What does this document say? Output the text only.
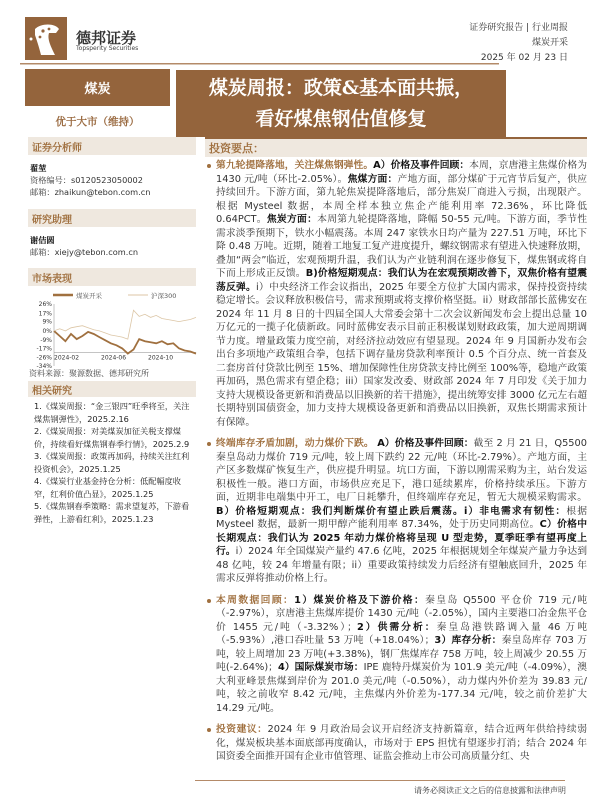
德邦证券
Topsperity Securities
证券研究报告 | 行业周报
煤炭开采
2025 年 02 月 23 日
煤炭
优于大市（维持）
煤炭周报：政策&基本面共振，
看好煤焦钢估值修复
证券分析师
翟堃
资格编号：s0120523050002
邮箱：zhaikun@tebon.com.cn
研究助理
谢佶圆
邮箱：xiejy@tebon.com.cn
市场表现
煤炭开采	沪深300
26%
17%
9%
0%
-9%
-17%
-26%
-34%
2024-02	2024-06	2024-10
资料来源：聚源数据、德邦研究所
相关研究
1.《煤炭周报：“金三银四”旺季将至，关注煤焦钢弹性》，2025.2.16
2.《煤炭周报：对美煤炭加征关税支撑煤价，持续看好煤焦钢春季行情》，2025.2.9
3.《煤炭周报：政策再加码，持续关注红利投资机会》，2025.1.25
4.《煤炭行业基金持仓分析：低配幅度收窄，红利价值凸显》，2025.1.25
5.《煤焦钢春季策略：需求望复苏，下游看弹性，上游看红利》，2025.1.23
投资要点：
第九轮提降落地，关注煤焦钢弹性。A）价格及事件回顾：本周，京唐港主焦煤价格为 1430 元/吨（环比-2.05%）。焦煤方面：产地方面，部分煤矿于元宵节后复产，供应持续回升。下游方面，第九轮焦炭提降落地后，部分焦炭厂商进入亏损，出现限产。根据 Mysteel 数据，本周全样本独立焦企产能利用率 72.36%，环比降低 0.64PCT。焦炭方面：本周第九轮提降落地，降幅 50-55 元/吨。下游方面，季节性需求淡季预期下，铁水小幅震荡。本周 247 家铁水日均产量为 227.51 万吨，环比下降 0.48 万吨。近期，随着工地复工复产进度提升，螺纹钢需求有望进入快速释放期，叠加“两会”临近，宏观预期升温，我们认为产业链利润在逐步修复下，煤焦钢或将自下而上形成正反馈。B)价格短期观点：我们认为在宏观预期改善下，双焦价格有望震荡反弹。i）中央经济工作会议指出，2025 年要全方位扩大国内需求，保持投资持续稳定增长。会议释放积极信号，需求预期或将支撑价格坚挺。ii）财政部部长蓝佛安在 2024 年 11 月 8 日的十四届全国人大常委会第十二次会议新闻发布会上提出总量 10 万亿元的一揽子化债新政。同时蓝佛安表示目前正积极谋划财政政策，加大逆周期调节力度。增量政策力度空前，对经济拉动效应有望显现。2024 年 9 月国新办发布会出台多项地产政策组合拳，包括下调存量房贷款利率预计 0.5 个百分点、统一首套及二套房首付贷款比例至 15%、增加保障性住房贷款支持比例至 100%等，稳地产政策再加码，黑色需求有望企稳；iii）国家发改委、财政部 2024 年 7 月印发《关于加力支持大规模设备更新和消费品以旧换新的若干措施》，提出统筹安排 3000 亿元左右超长期特别国债资金，加力支持大规模设备更新和消费品以旧换新，双焦长期需求预计有保障。
终端库存矛盾加剧，动力煤价下跌。 A）价格及事件回顾：截至 2 月 21 日，Q5500 秦皇岛动力煤价 719 元/吨，较上周下跌约 22 元/吨（环比-2.79%）。产地方面，主产区多数煤矿恢复生产，供应提升明显。坑口方面，下游以刚需采购为主，站台发运积极性一般。港口方面，市场供应充足下，港口延续累库，价格持续承压。下游方面，近期非电端集中开工，电厂日耗攀升，但终端库存充足，暂无大规模采购需求。B）价格短期观点：我们判断煤价有望止跌后震荡。i）非电需求有韧性：根据 Mysteel 数据，最新一期甲醇产能利用率 87.34%，处于历史同期高位。C）价格中长期观点：我们认为 2025 年动力煤价格将呈现 U 型走势，夏季旺季有望再度上行。i）2024 年全国煤炭产量约 47.6 亿吨，2025 年根据规划全年煤炭产量力争达到 48 亿吨，较 24 年增量有限；ii）重要政策持续发力后经济有望触底回升，2025 年需求反弹将推动价格上行。
本周数据回顾：1）煤炭价格及下游价格：秦皇岛 Q5500 平仓价 719 元/吨（-2.97%），京唐港主焦煤库提价 1430 元/吨（-2.05%），国内主要港口冶金焦平仓价 1455 元/吨（-3.32%）；2）供需分析：秦皇岛港铁路调入量 46 万吨（-5.93%）,港口吞吐量 53 万吨（+18.04%）；3）库存分析：秦皇岛库存 703 万吨，较上周增加 23 万吨(+3.38%)，钢厂焦煤库存 758 万吨，较上周减少 20.55 万吨(-2.64%)；4）国际煤炭市场：IPE 鹿特丹煤炭价为 101.9 美元/吨（-4.09%），澳大利亚峰景焦煤到岸价为 201.0 美元/吨（-0.50%），动力煤内外价差为 39.83 元/吨，较之前收窄 8.42 元/吨，主焦煤内外价差为-177.34 元/吨，较之前价差扩大 14.29 元/吨。
投资建议：2024 年 9 月政治局会议开启经济支持新篇章，结合近两年供给持续弱化，煤炭板块基本面底部再度确认，市场对于 EPS 担忧有望逐步打消；结合 2024 年国资委全面推开国有企业市值管理、证监会推动上市公司高质量分红、央
请务必阅读正文之后的信息披露和法律声明
